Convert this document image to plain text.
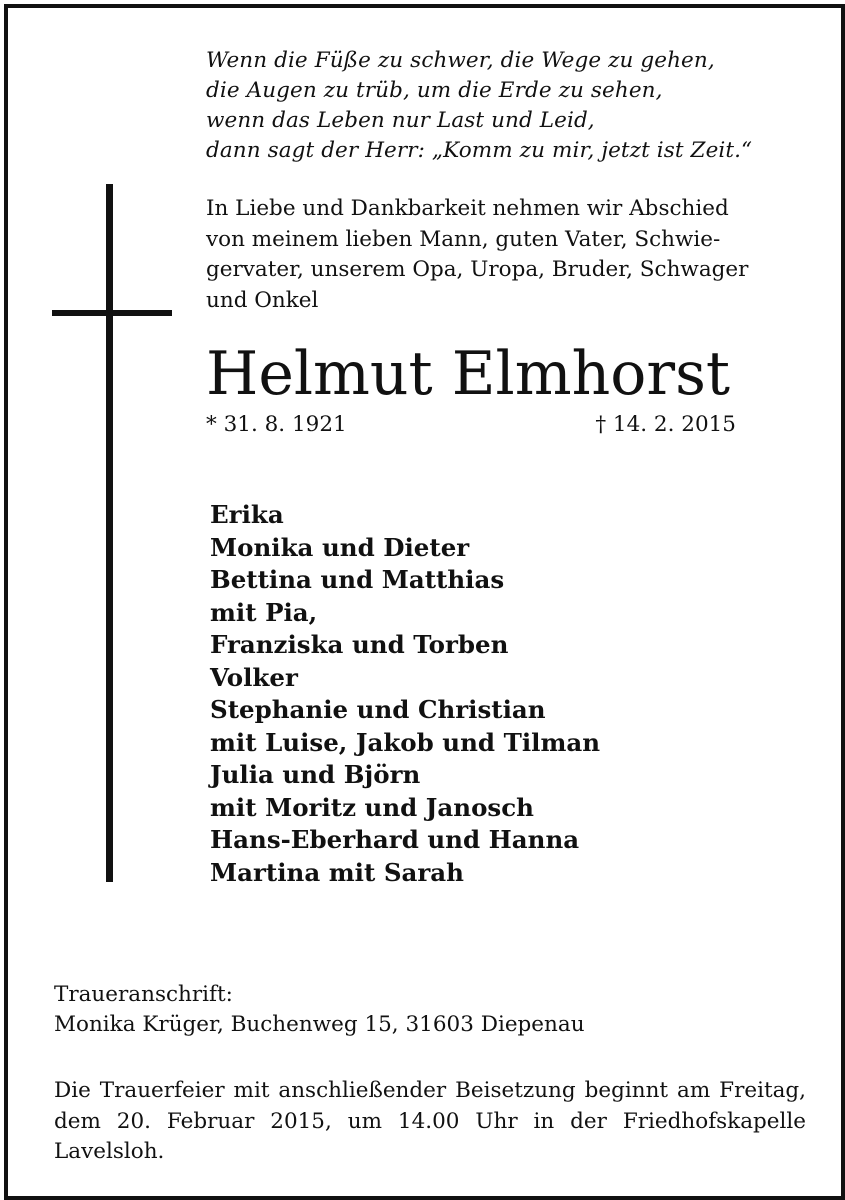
Wenn die Füße zu schwer, die Wege zu gehen,
die Augen zu trüb, um die Erde zu sehen,
wenn das Leben nur Last und Leid,
dann sagt der Herr: „Komm zu mir, jetzt ist Zeit.“
In Liebe und Dankbarkeit nehmen wir Abschied
von meinem lieben Mann, guten Vater, Schwie-
gervater, unserem Opa, Uropa, Bruder, Schwager
und Onkel
Helmut Elmhorst
* 31. 8. 1921	† 14. 2. 2015
Erika
Monika und Dieter
Bettina und Matthias
mit Pia,
Franziska und Torben
Volker
Stephanie und Christian
mit Luise, Jakob und Tilman
Julia und Björn
mit Moritz und Janosch
Hans-Eberhard und Hanna
Martina mit Sarah
Traueranschrift:
Monika Krüger, Buchenweg 15, 31603 Diepenau
Die Trauerfeier mit anschließender Beisetzung beginnt am Freitag, dem 20. Februar 2015, um 14.00 Uhr in der Friedhofskapelle Lavelsloh.
